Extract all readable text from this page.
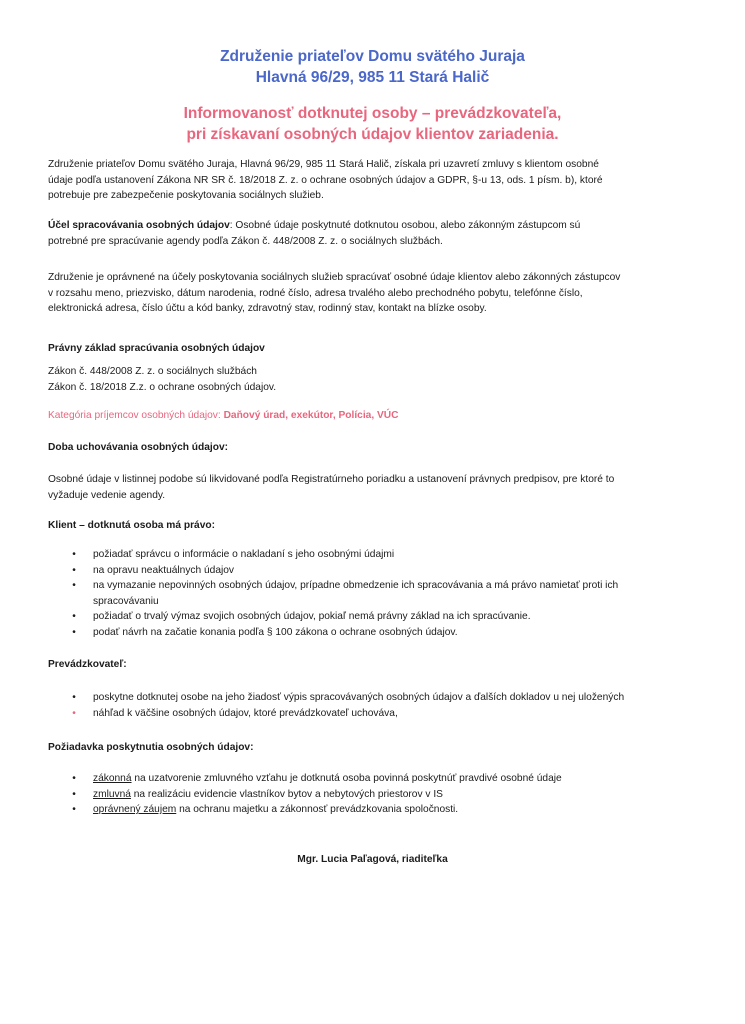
Združenie priateľov Domu svätého Juraja
Hlavná 96/29, 985 11 Stará Halič
Informovanosť dotknutej osoby – prevádzkovateľa,
pri získavaní osobných údajov klientov zariadenia.

Združenie priateľov Domu svätého Juraja, Hlavná 96/29, 985 11 Stará Halič, získala pri uzavretí zmluvy s klientom osobné

údaje podľa ustanovení Zákona NR SR č. 18/2018 Z. z. o ochrane osobných údajov a GDPR, §-u 13, ods. 1 písm. b), ktoré

potrebuje pre zabezpečenie poskytovania sociálnych služieb.

Účel spracovávania osobných údajov: Osobné údaje poskytnuté dotknutou osobou, alebo zákonným zástupcom sú

potrebné pre spracúvanie agendy podľa Zákon č. 448/2008 Z. z. o sociálnych službách.

Združenie je oprávnené na účely poskytovania sociálnych služieb spracúvať osobné údaje klientov alebo zákonných zástupcov

v rozsahu meno, priezvisko, dátum narodenia, rodné číslo, adresa trvalého alebo prechodného pobytu, telefónne číslo,

elektronická adresa, číslo účtu a kód banky, zdravotný stav, rodinný stav, kontakt na blízke osoby.

Právny základ spracúvania osobných údajov

Zákon č. 448/2008 Z. z. o sociálnych službách

Zákon č. 18/2018 Z.z. o ochrane osobných údajov.

Kategória príjemcov osobných údajov: Daňový úrad, exekútor, Polícia, VÚC
Doba uchovávania osobných údajov:

Osobné údaje v listinnej podobe sú likvidované podľa Registratúrneho poriadku a ustanovení právnych predpisov, pre ktoré to

vyžaduje vedenie agendy.

Klient – dotknutá osoba má právo:
•	požiadať správcu o informácie o nakladaní s jeho osobnými údajmi
•	na opravu neaktuálnych údajov
•	na vymazanie nepovinných osobných údajov, prípadne obmedzenie ich spracovávania a má právo namietať proti ich
spracovávaniu
•	požiadať o trvalý výmaz svojich osobných údajov, pokiaľ nemá právny základ na ich spracúvanie.
•	podať návrh na začatie konania podľa § 100 zákona o ochrane osobných údajov.
Prevádzkovateľ:
•	poskytne dotknutej osobe na jeho žiadosť výpis spracovávaných osobných údajov a ďalších dokladov u nej uložených
•	náhľad k väčšine osobných údajov, ktoré prevádzkovateľ uchováva,
Požiadavka poskytnutia osobných údajov:
•	zákonná na uzatvorenie zmluvného vzťahu je dotknutá osoba povinná poskytnúť pravdivé osobné údaje
•	zmluvná na realizáciu evidencie vlastníkov bytov a nebytových priestorov v IS
•	oprávnený záujem na ochranu majetku a zákonnosť prevádzkovania spoločnosti.
Mgr. Lucia Paľagová, riaditeľka
